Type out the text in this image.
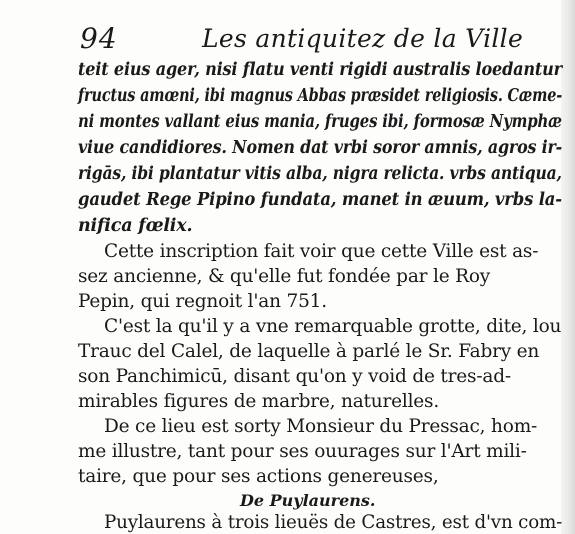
94	Les antiquitez de la Ville
teit eius ager, nisi flatu venti rigidi australis loedantur
fructus amœni, ibi magnus Abbas præsidet religiosis. Cæme-
ni montes vallant eius mania, fruges ibi, formosæ Nymphæ
viue candidiores. Nomen dat vrbi soror amnis, agros ir-
rigās, ibi plantatur vitis alba, nigra relicta. vrbs antiqua,
gaudet Rege Pipino fundata, manet in æuum, vrbs la-
nifica fœlix.
Cette inscription fait voir que cette Ville est as-
sez ancienne, & qu'elle fut fondée par le Roy
Pepin, qui regnoit l'an 751.
C'est la qu'il y a vne remarquable grotte, dite, lou
Trauc del Calel, de laquelle à parlé le Sr. Fabry en
son Panchimicū, disant qu'on y void de tres-ad-
mirables figures de marbre, naturelles.
De ce lieu est sorty Monsieur du Pressac, hom-
me illustre, tant pour ses ouurages sur l'Art mili-
taire, que pour ses actions genereuses,
De Puylaurens.
Puylaurens à trois lieuës de Castres, est d'vn com-
